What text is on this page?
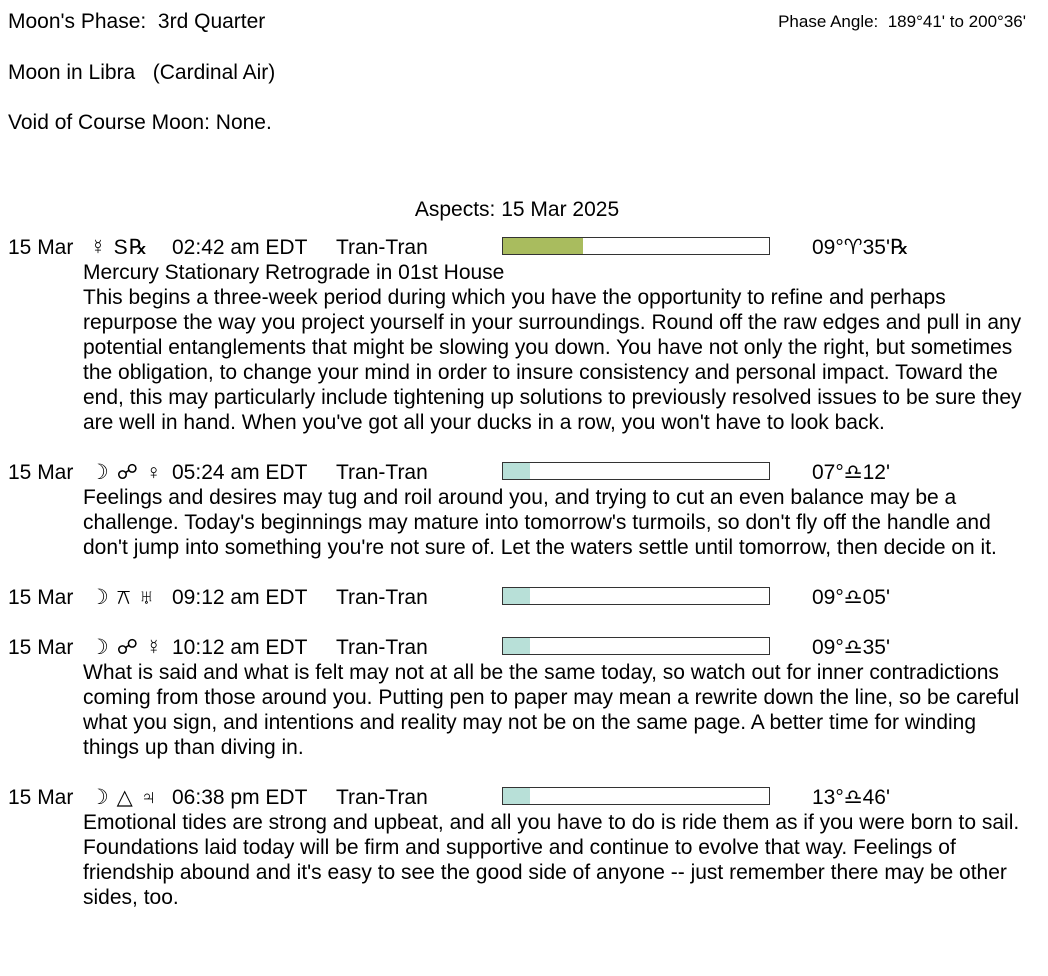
Moon's Phase:  3rd Quarter	Phase Angle:  189°41' to 200°36'
Moon in Libra   (Cardinal Air)
Void of Course Moon: None.
Aspects: 15 Mar 2025
15 Mar ☿ S℞ 02:42 am EDT Tran-Tran	09°♈35'℞
Mercury Stationary Retrograde in 01st House
This begins a three-week period during which you have the opportunity to refine and perhaps repurpose the way you project yourself in your surroundings. Round off the raw edges and pull in any potential entanglements that might be slowing you down. You have not only the right, but sometimes the obligation, to change your mind in order to insure consistency and personal impact. Toward the end, this may particularly include tightening up solutions to previously resolved issues to be sure they are well in hand. When you've got all your ducks in a row, you won't have to look back.
15 Mar ☽ ☍ ♀ 05:24 am EDT Tran-Tran	07°♎12'
Feelings and desires may tug and roil around you, and trying to cut an even balance may be a challenge. Today's beginnings may mature into tomorrow's turmoils, so don't fly off the handle and don't jump into something you're not sure of. Let the waters settle until tomorrow, then decide on it.
15 Mar ☽ ⚻ ♅ 09:12 am EDT Tran-Tran	09°♎05'
15 Mar ☽ ☍ ☿ 10:12 am EDT Tran-Tran	09°♎35'
What is said and what is felt may not at all be the same today, so watch out for inner contradictions coming from those around you. Putting pen to paper may mean a rewrite down the line, so be careful what you sign, and intentions and reality may not be on the same page. A better time for winding things up than diving in.
15 Mar ☽ △ ♃ 06:38 pm EDT Tran-Tran	13°♎46'
Emotional tides are strong and upbeat, and all you have to do is ride them as if you were born to sail. Foundations laid today will be firm and supportive and continue to evolve that way. Feelings of friendship abound and it's easy to see the good side of anyone -- just remember there may be other sides, too.
